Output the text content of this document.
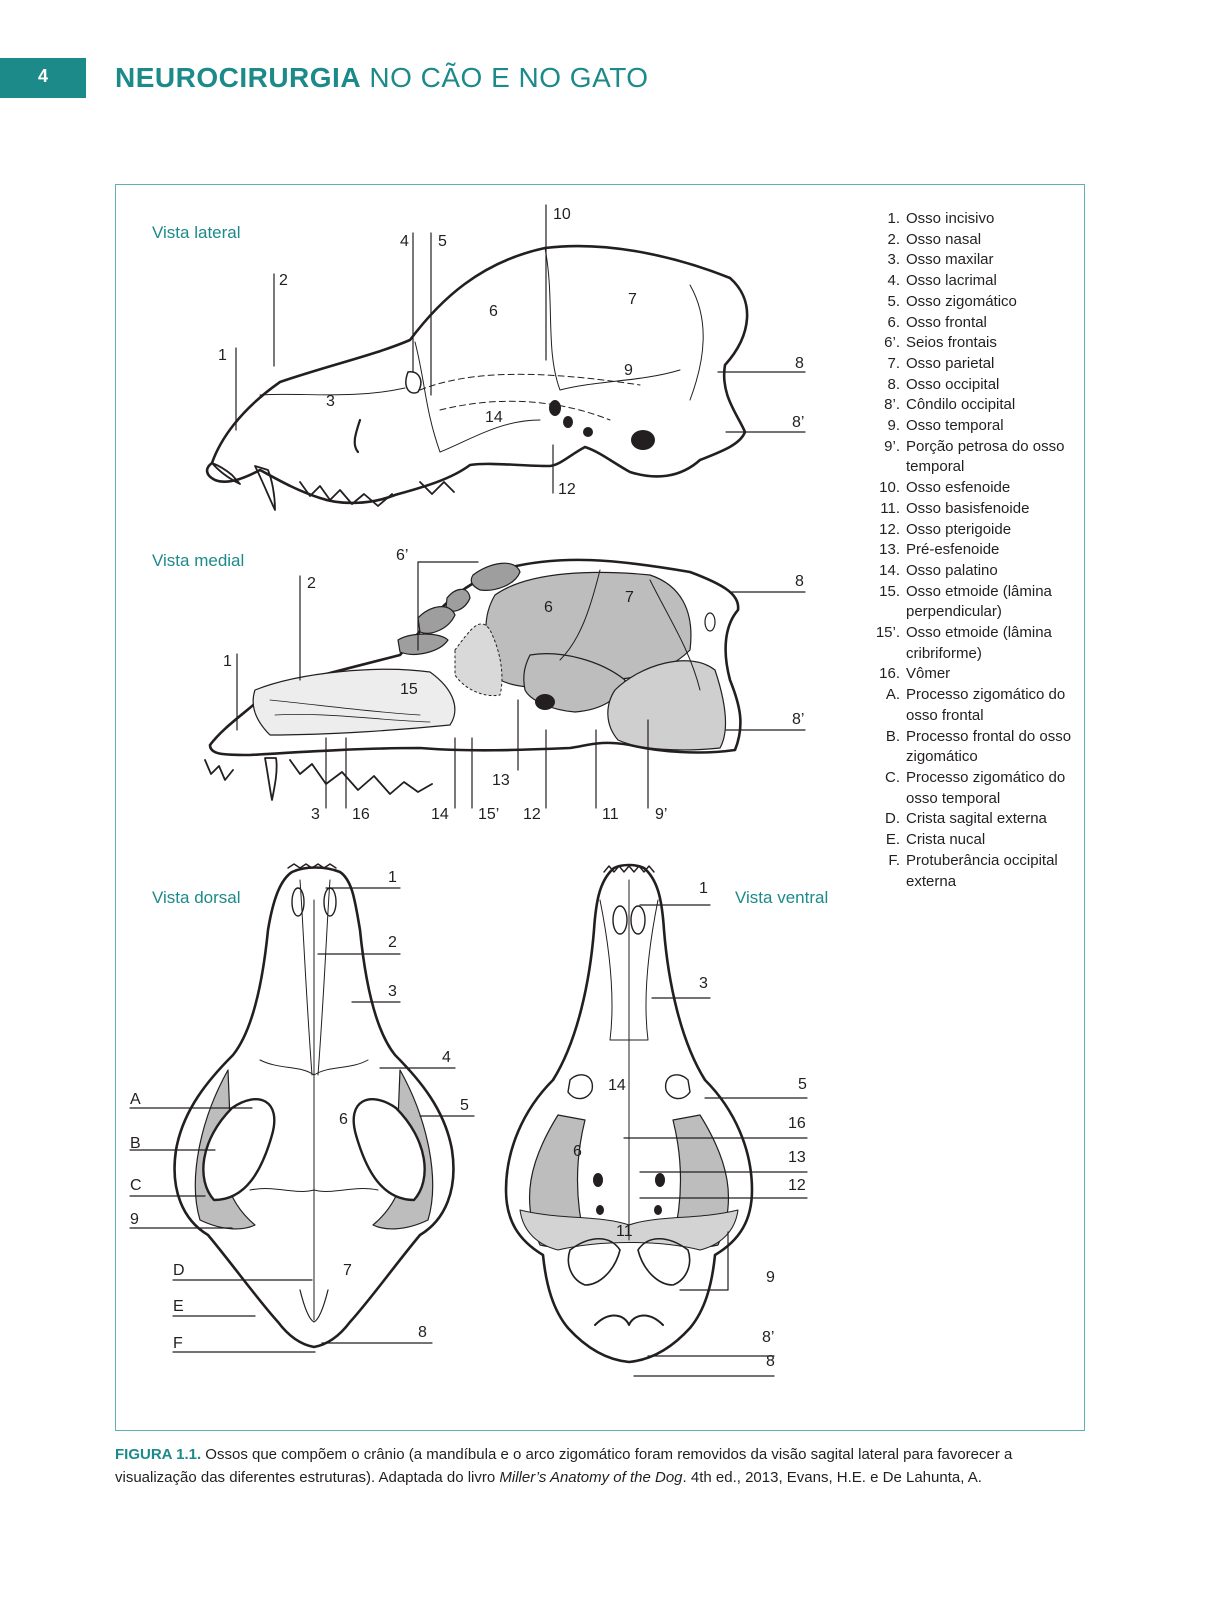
4	NEUROCIRURGIA NO CÃO E NO GATO
Vista lateral
Vista medial
Vista dorsal	Vista ventral
1
2
3
4 5
6
7
8
8’
9
10
12
14
1
2
3
6
6’
7
8
8’
9’
11
12
13
14
15
15’
16
1
2
3
4
5
6
7
8
A
B
C
9
D
E
F
1
3
5
6
9
8’
8
11
12
13
14
16
1. Osso incisivo
2. Osso nasal
3. Osso maxilar
4. Osso lacrimal
5. Osso zigomático
6. Osso frontal
6’. Seios frontais
7. Osso parietal
8. Osso occipital
8’. Côndilo occipital
9. Osso temporal
9’. Porção petrosa do osso temporal
10. Osso esfenoide
11. Osso basisfenoide
12. Osso pterigoide
13. Pré-esfenoide
14. Osso palatino
15. Osso etmoide (lâmina perpendicular)
15’. Osso etmoide (lâmina cribriforme)
16. Vômer
A. Processo zigomático do osso frontal
B. Processo frontal do osso zigomático
C. Processo zigomático do osso temporal
D. Crista sagital externa
E. Crista nucal
F. Protuberância occipital externa
FIGURA 1.1. Ossos que compõem o crânio (a mandíbula e o arco zigomático foram removidos da visão sagital lateral para favorecer a visualização das diferentes estruturas). Adaptada do livro Miller’s Anatomy of the Dog. 4th ed., 2013, Evans, H.E. e De Lahunta, A.
